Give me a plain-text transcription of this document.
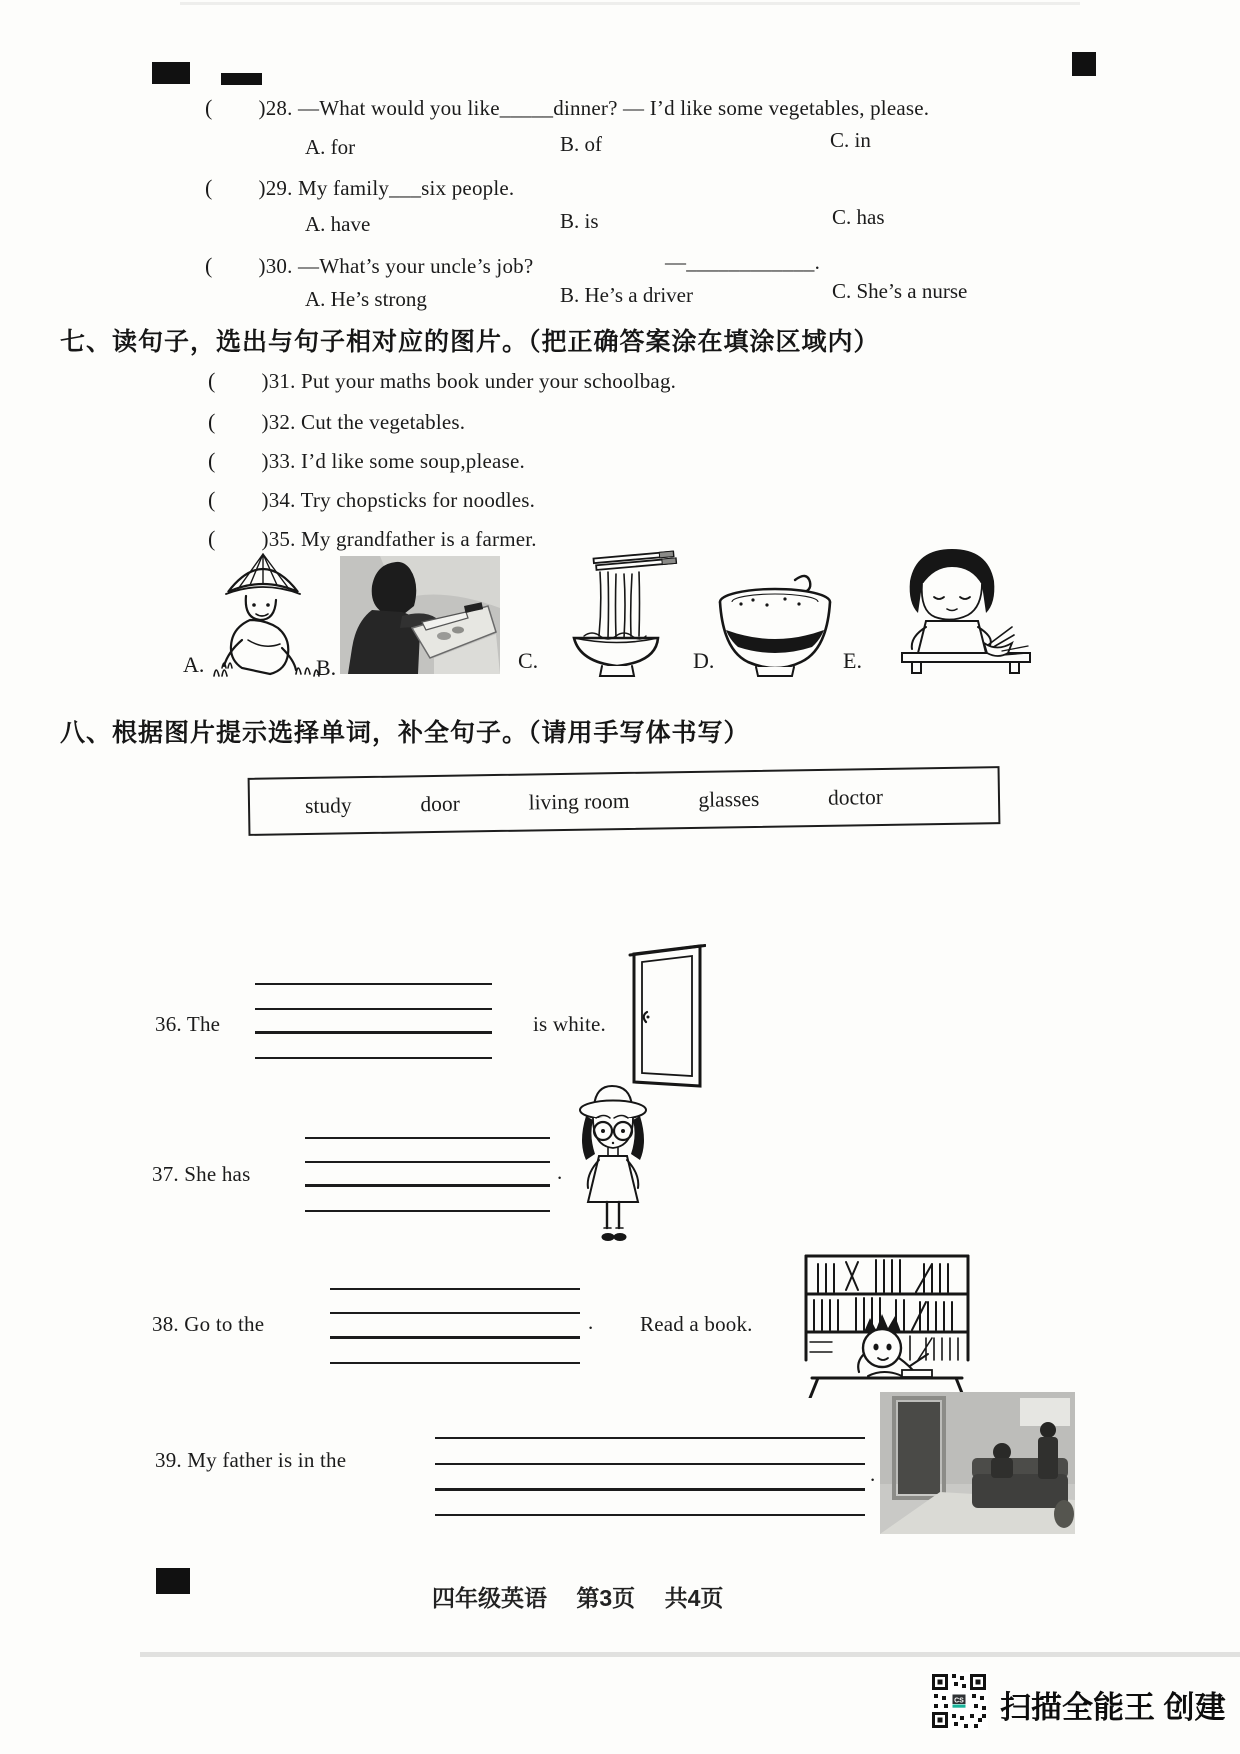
( )28. —What would you like_____dinner? — I’d like some vegetables, please.
A. for	B. of	C. in
( )29. My family___six people.
A. have	B. is	C. has
( )30. —What’s your uncle’s job?	—____________.
A. He’s strong	B. He’s a driver	C. She’s a nurse
七、读句子，选出与句子相对应的图片。（把正确答案涂在填涂区域内）
( )31. Put your maths book under your schoolbag.
( )32. Cut the vegetables.
( )33. I’d like some soup,please.
( )34. Try chopsticks for noodles.
( )35. My grandfather is a farmer.
A.	B.	C.	D.	E.
八、根据图片提示选择单词，补全句子。（请用手写体书写）
study	door	living room	glasses	doctor
36. The	is white.
37. She has	.
38. Go to the	. Read a book.
39. My father is in the
.
四年级英语　 第3页 　共4页
CS 扫描全能王 创建
